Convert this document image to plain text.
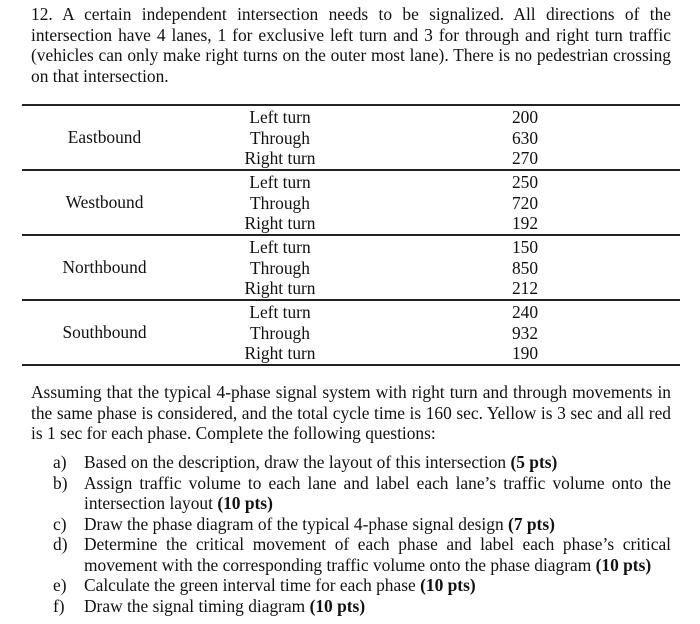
12. A certain independent intersection needs to be signalized. All directions of the intersection have 4 lanes, 1 for exclusive left turn and 3 for through and right turn traffic (vehicles can only make right turns on the outer most lane). There is no pedestrian crossing on that intersection.

Eastbound
Left turn
Through
Right turn
200
630
270
Westbound
Left turn
Through
Right turn
250
720
192
Northbound
Left turn
Through
Right turn
150
850
212
Southbound
Left turn
Through
Right turn
240
932
190

Assuming that the typical 4-phase signal system with right turn and through movements in the same phase is considered, and the total cycle time is 160 sec. Yellow is 3 sec and all red is 1 sec for each phase. Complete the following questions:

a) Based on the description, draw the layout of this intersection (5 pts)
b) Assign traffic volume to each lane and label each lane’s traffic volume onto the intersection layout (10 pts)
c) Draw the phase diagram of the typical 4-phase signal design (7 pts)
d) Determine the critical movement of each phase and label each phase’s critical movement with the corresponding traffic volume onto the phase diagram (10 pts)
e) Calculate the green interval time for each phase (10 pts)
f) Draw the signal timing diagram (10 pts)
